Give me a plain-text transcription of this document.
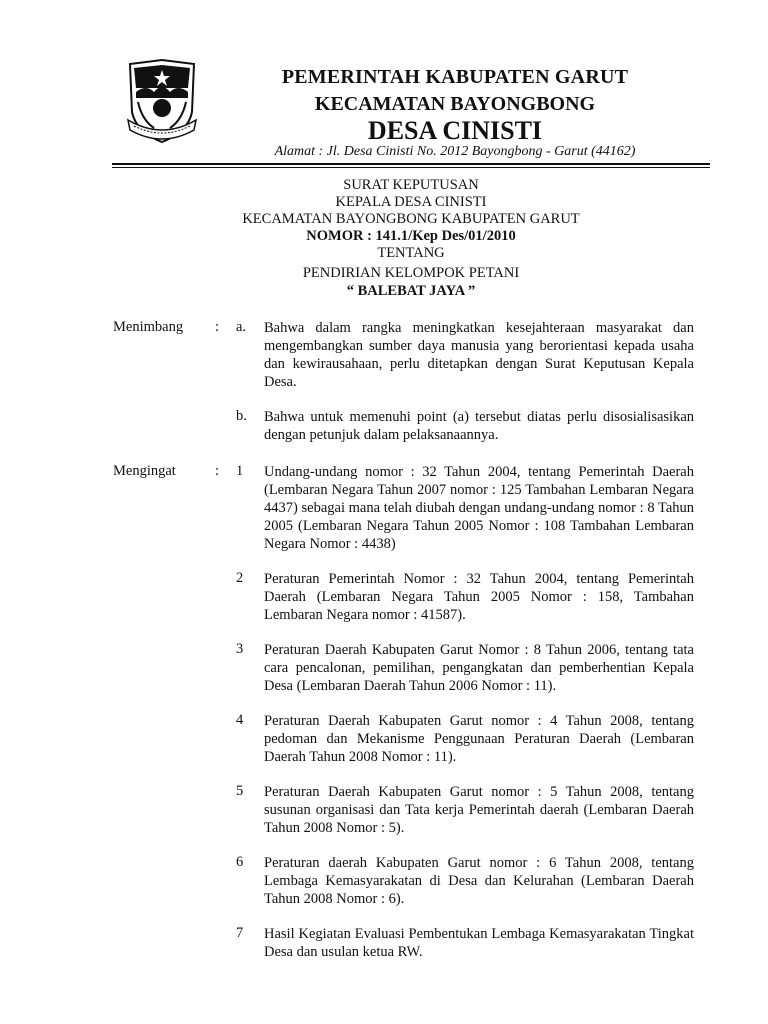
PEMERINTAH KABUPATEN GARUT
KECAMATAN BAYONGBONG
DESA CINISTI
Alamat : Jl. Desa Cinisti No. 2012 Bayongbong - Garut (44162)
SURAT KEPUTUSAN
KEPALA DESA CINISTI
KECAMATAN BAYONGBONG KABUPATEN GARUT
NOMOR : 141.1/Kep Des/01/2010
TENTANG
PENDIRIAN KELOMPOK PETANI
“ BALEBAT JAYA ”
Menimbang : a. Bahwa dalam rangka meningkatkan kesejahteraan masyarakat dan mengembangkan sumber daya manusia yang berorientasi kepada usaha dan kewirausahaan, perlu ditetapkan dengan Surat Keputusan Kepala Desa.
b. Bahwa untuk memenuhi point (a) tersebut diatas perlu disosialisasikan dengan petunjuk dalam pelaksanaannya.
Mengingat	: 1 Undang-undang nomor : 32 Tahun 2004, tentang Pemerintah Daerah (Lembaran Negara Tahun 2007 nomor : 125 Tambahan Lembaran Negara 4437) sebagai mana telah diubah dengan undang-undang nomor : 8 Tahun 2005 (Lembaran Negara Tahun 2005 Nomor : 108 Tambahan Lembaran Negara Nomor : 4438)
2 Peraturan Pemerintah Nomor : 32 Tahun 2004, tentang Pemerintah Daerah (Lembaran Negara Tahun 2005 Nomor : 158, Tambahan Lembaran Negara nomor : 41587).
3 Peraturan Daerah Kabupaten Garut Nomor : 8 Tahun 2006, tentang tata cara pencalonan, pemilihan, pengangkatan dan pemberhentian Kepala Desa (Lembaran Daerah Tahun 2006 Nomor : 11).
4 Peraturan Daerah Kabupaten Garut nomor : 4 Tahun 2008, tentang pedoman dan Mekanisme Penggunaan Peraturan Daerah (Lembaran Daerah Tahun 2008 Nomor : 11).
5 Peraturan Daerah Kabupaten Garut nomor : 5 Tahun 2008, tentang susunan organisasi dan Tata kerja Pemerintah daerah (Lembaran Daerah Tahun 2008 Nomor : 5).
6 Peraturan daerah Kabupaten Garut nomor : 6 Tahun 2008, tentang Lembaga Kemasyarakatan di Desa dan Kelurahan (Lembaran Daerah Tahun 2008 Nomor : 6).
7 Hasil Kegiatan Evaluasi Pembentukan Lembaga Kemasyarakatan Tingkat Desa dan usulan ketua RW.
